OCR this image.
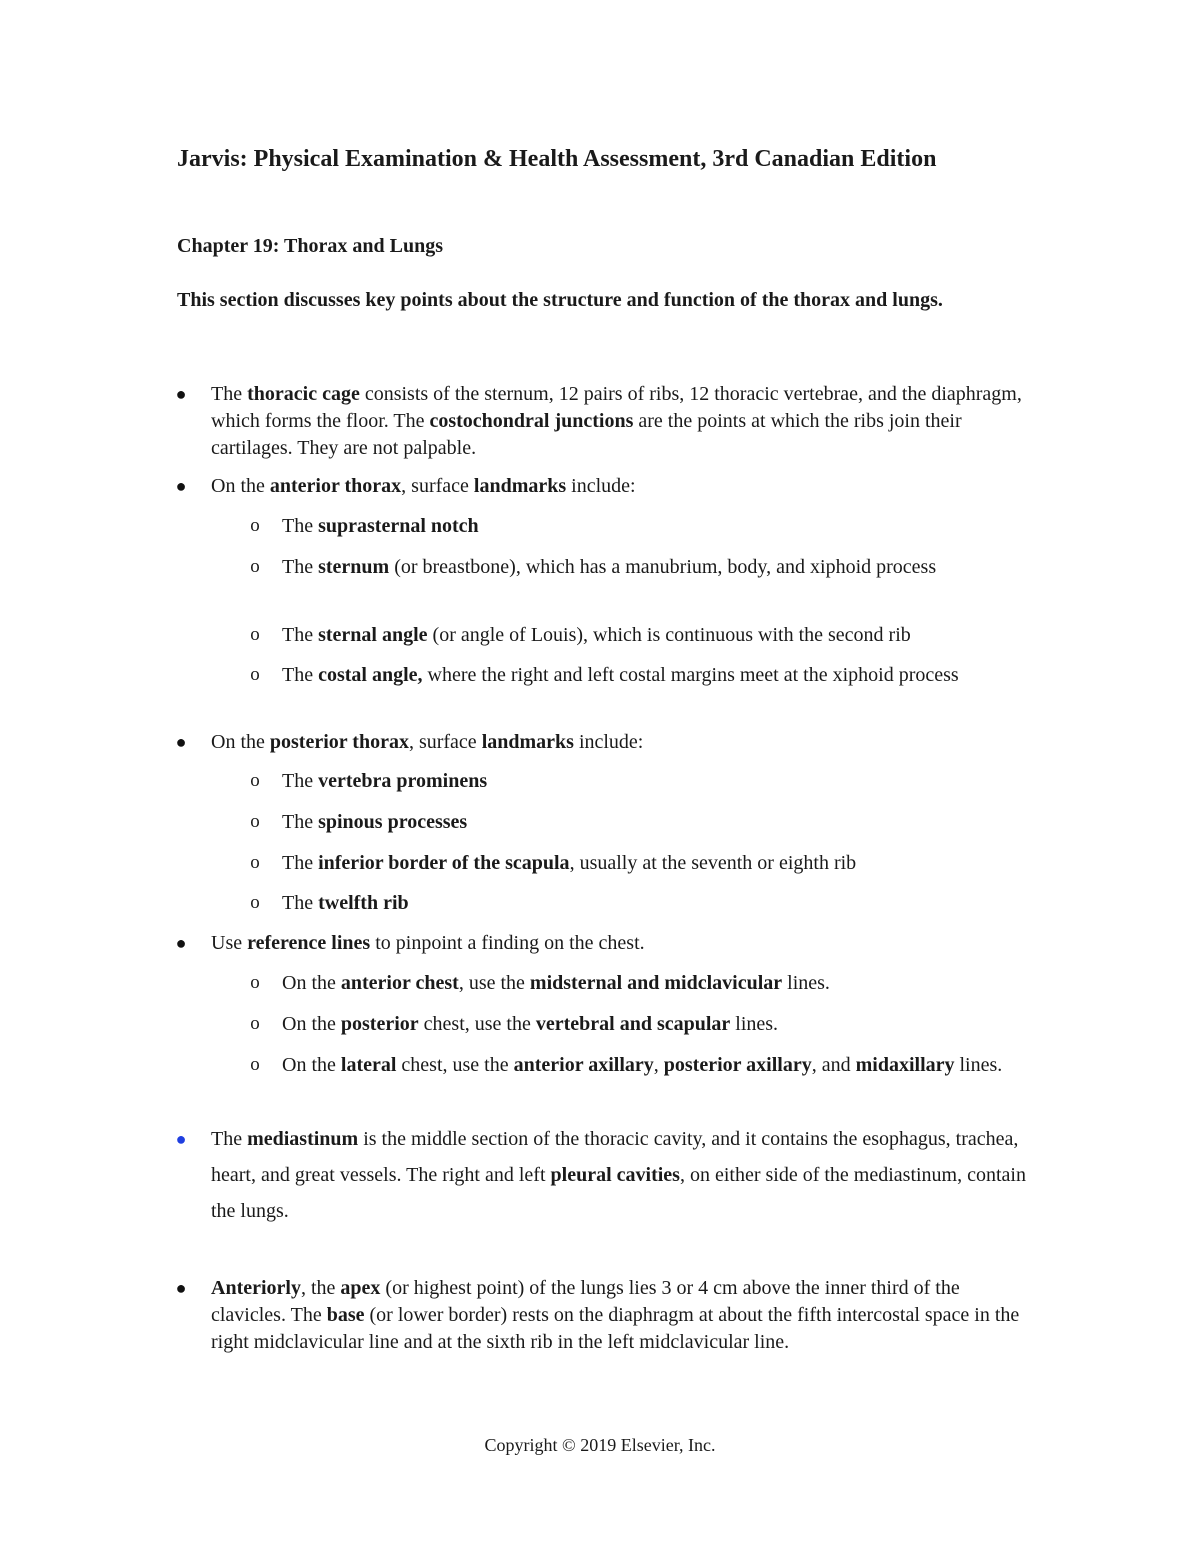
Jarvis: Physical Examination & Health Assessment, 3rd Canadian Edition
Chapter 19: Thorax and Lungs

This section discusses key points about the structure and function of the thorax and lungs.

● The thoracic cage consists of the sternum, 12 pairs of ribs, 12 thoracic vertebrae, and the diaphragm, which forms the floor. The costochondral junctions are the points at which the ribs join their cartilages. They are not palpable.
● On the anterior thorax, surface landmarks include:
o The suprasternal notch
o The sternum (or breastbone), which has a manubrium, body, and xiphoid process
o The sternal angle (or angle of Louis), which is continuous with the second rib
o The costal angle, where the right and left costal margins meet at the xiphoid process
● On the posterior thorax, surface landmarks include:
o The vertebra prominens
o The spinous processes
o The inferior border of the scapula, usually at the seventh or eighth rib
o The twelfth rib
● Use reference lines to pinpoint a finding on the chest.
o On the anterior chest, use the midsternal and midclavicular lines.
o On the posterior chest, use the vertebral and scapular lines.
o On the lateral chest, use the anterior axillary, posterior axillary, and midaxillary lines.
● The mediastinum is the middle section of the thoracic cavity, and it contains the esophagus, trachea, heart, and great vessels. The right and left pleural cavities, on either side of the mediastinum, contain the lungs.
● Anteriorly, the apex (or highest point) of the lungs lies 3 or 4 cm above the inner third of the clavicles. The base (or lower border) rests on the diaphragm at about the fifth intercostal space in the right midclavicular line and at the sixth rib in the left midclavicular line.
Copyright © 2019 Elsevier, Inc.
